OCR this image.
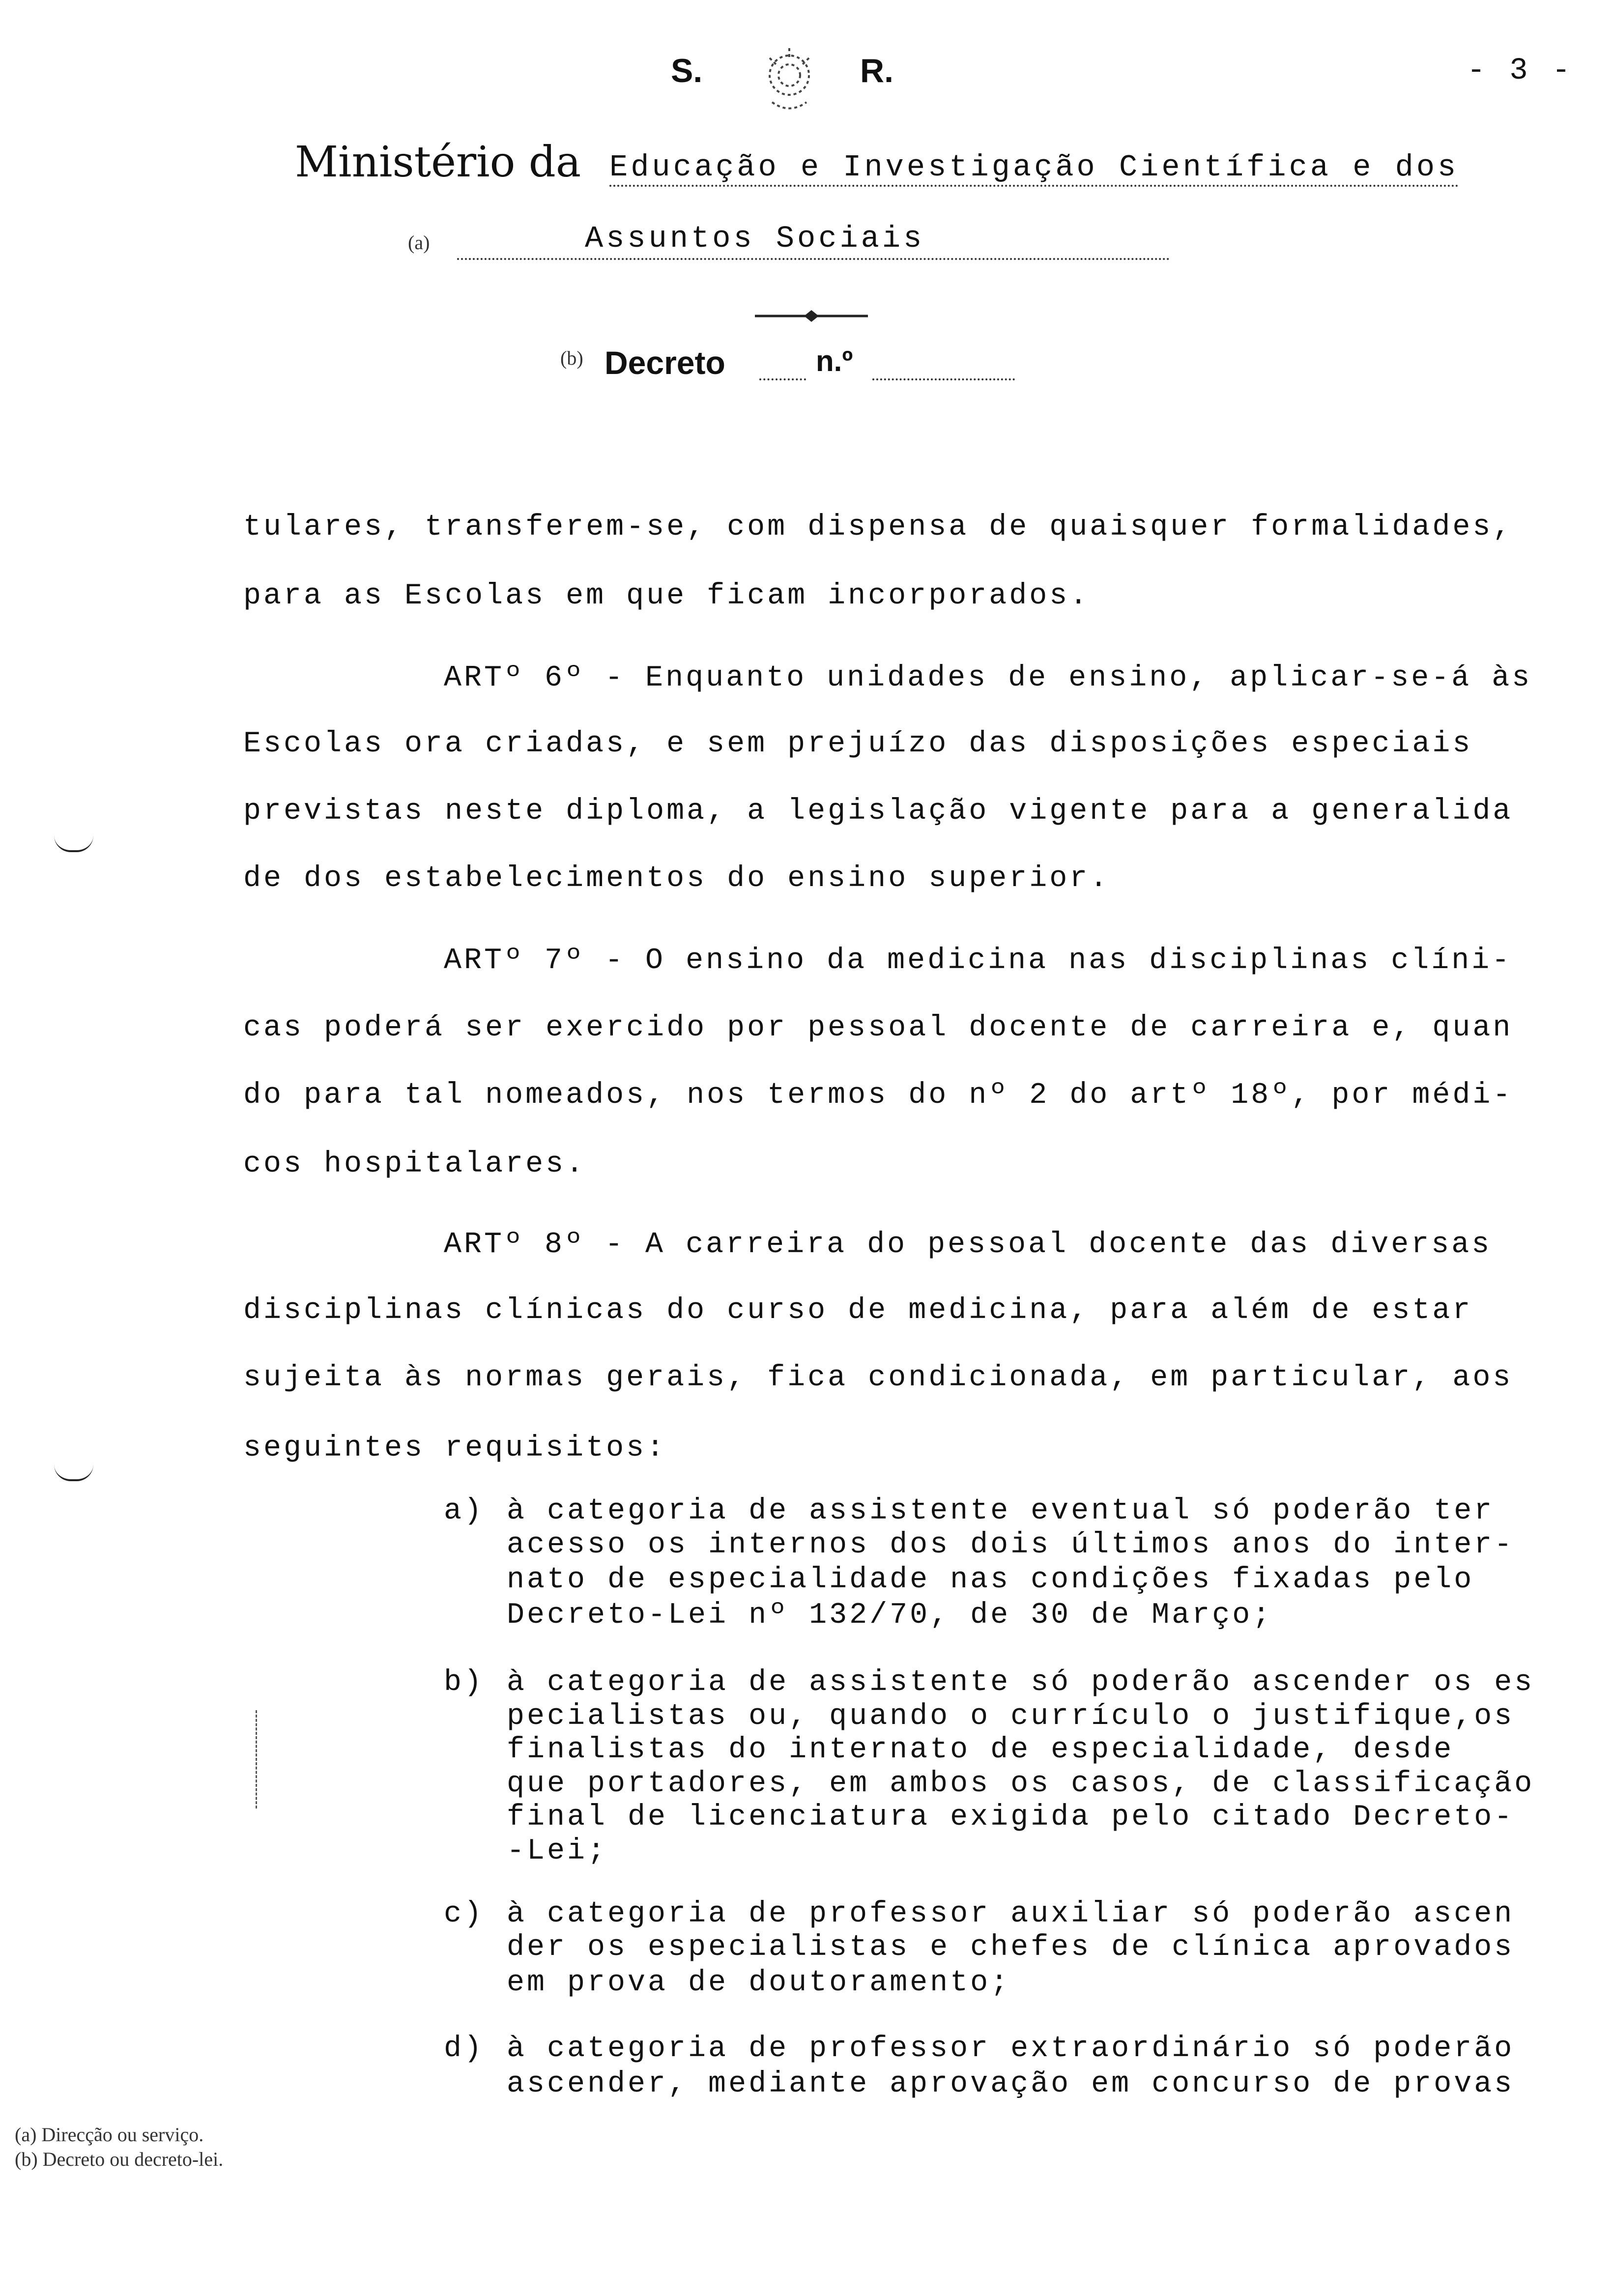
S.

	R.	- 3 -
Ministério da Educação e Investigação Científica e dos
(a)	Assuntos Sociais

(b) Decreto	n.º
tulares, transferem-se, com dispensa de quaisquer formalidades,
para as Escolas em que ficam incorporados.
ARTº 6º - Enquanto unidades de ensino, aplicar-se-á às
Escolas ora criadas, e sem prejuízo das disposições especiais
previstas neste diploma, a legislação vigente para a generalida
de dos estabelecimentos do ensino superior.
ARTº 7º - O ensino da medicina nas disciplinas clíni-
cas poderá ser exercido por pessoal docente de carreira e, quan
do para tal nomeados, nos termos do nº 2 do artº 18º, por médi-
cos hospitalares.
ARTº 8º - A carreira do pessoal docente das diversas
disciplinas clínicas do curso de medicina, para além de estar
sujeita às normas gerais, fica condicionada, em particular, aos
seguintes requisitos:
a) à categoria de assistente eventual só poderão ter
acesso os internos dos dois últimos anos do inter-
nato de especialidade nas condições fixadas pelo
Decreto-Lei nº 132/70, de 30 de Março;
b) à categoria de assistente só poderão ascender os es
pecialistas ou, quando o currículo o justifique,os
finalistas do internato de especialidade, desde
que portadores, em ambos os casos, de classificação
final de licenciatura exigida pelo citado Decreto-
-Lei;
c) à categoria de professor auxiliar só poderão ascen
der os especialistas e chefes de clínica aprovados
em prova de doutoramento;
d) à categoria de professor extraordinário só poderão
ascender, mediante aprovação em concurso de provas
(a) Direcção ou serviço.
(b) Decreto ou decreto-lei.
